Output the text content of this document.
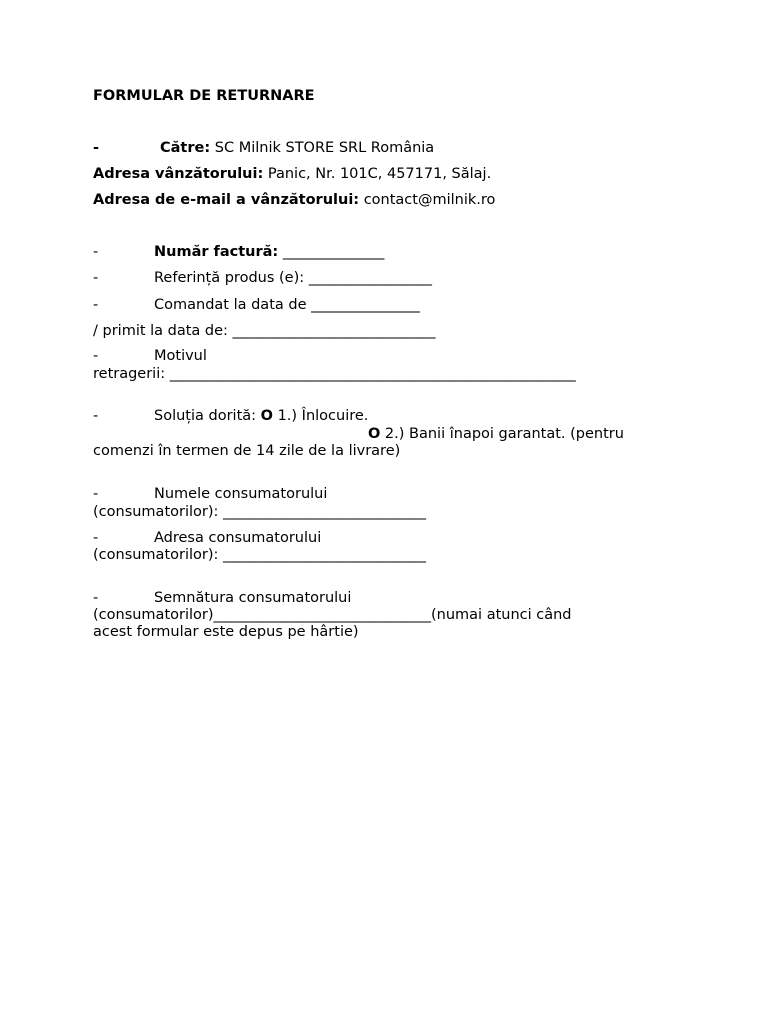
FORMULAR DE RETURNARE
-	Către: SC Milnik STORE SRL România
Adresa vânzătorului: Panic, Nr. 101C, 457171, Sălaj.
Adresa de e-mail a vânzătorului: contact@milnik.ro
-	Număr factură: ______________
-	Referință produs (e): _________________
-	Comandat la data de _______________
/ primit la data de: ____________________________
-	Motivul
retragerii: ________________________________________________________
-	Soluția dorită: O 1.) Înlocuire.
O 2.) Banii înapoi garantat. (pentru
comenzi în termen de 14 zile de la livrare)
-	Numele consumatorului
(consumatorilor): ____________________________
-	Adresa consumatorului
(consumatorilor): ____________________________
-	Semnătura consumatorului
(consumatorilor)______________________________(numai atunci când
acest formular este depus pe hârtie)
